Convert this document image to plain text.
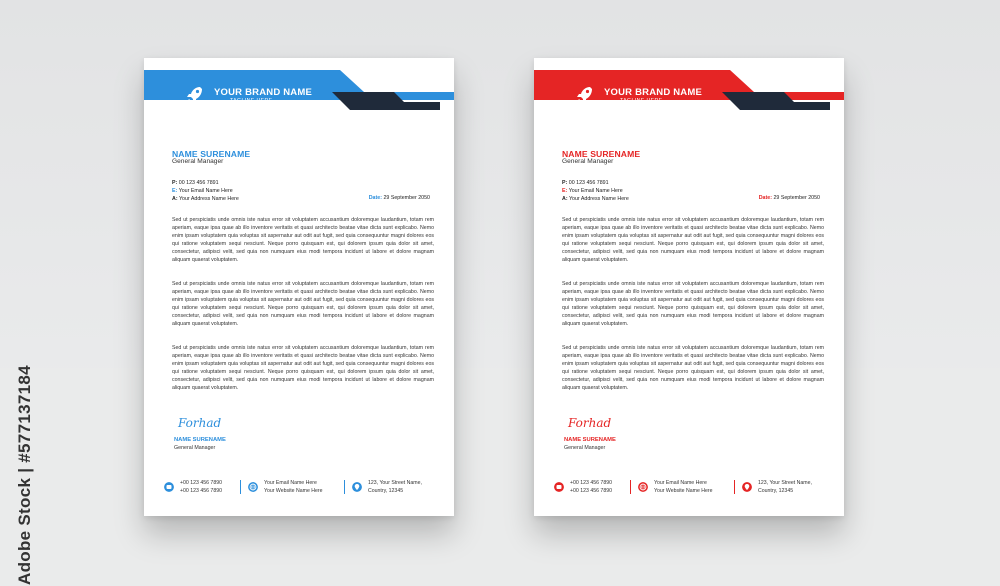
Adobe Stock | #577137184
YOUR BRAND NAME
TAGLINE HERE
NAME SURENAME
General Manager
P: 00 123 456 7891
E: Your Email Name Here
A: Your Address Name Here	Date: 29 September 2050
Sed ut perspiciatis unde omnis iste natus error sit voluptatem accusantium doloremque laudantium, totam rem aperiam, eaque ipsa quae ab illo inventore veritatis et quasi architecto beatae vitae dicta sunt explicabo. Nemo enim ipsam voluptatem quia voluptas sit aspernatur aut odit aut fugit, sed quia consequuntur magni dolores eos qui ratione voluptatem sequi nesciunt. Neque porro quisquam est, qui dolorem ipsum quia dolor sit amet, consectetur, adipisci velit, sed quia non numquam eius modi tempora incidunt ut labore et dolore magnam aliquam quaerat voluptatem.
Sed ut perspiciatis unde omnis iste natus error sit voluptatem accusantium doloremque laudantium, totam rem aperiam, eaque ipsa quae ab illo inventore veritatis et quasi architecto beatae vitae dicta sunt explicabo. Nemo enim ipsam voluptatem quia voluptas sit aspernatur aut odit aut fugit, sed quia consequuntur magni dolores eos qui ratione voluptatem sequi nesciunt. Neque porro quisquam est, qui dolorem ipsum quia dolor sit amet, consectetur, adipisci velit, sed quia non numquam eius modi tempora incidunt ut labore et dolore magnam aliquam quaerat voluptatem.
Sed ut perspiciatis unde omnis iste natus error sit voluptatem accusantium doloremque laudantium, totam rem aperiam, eaque ipsa quae ab illo inventore veritatis et quasi architecto beatae vitae dicta sunt explicabo. Nemo enim ipsam voluptatem quia voluptas sit aspernatur aut odit aut fugit, sed quia consequuntur magni dolores eos qui ratione voluptatem sequi nesciunt. Neque porro quisquam est, qui dolorem ipsum quia dolor sit amet, consectetur, adipisci velit, sed quia non numquam eius modi tempora incidunt ut labore et dolore magnam aliquam quaerat voluptatem.
Forhad
NAME SURENAME
General Manager
+00 123 456 7890
+00 123 456 7890
Your Email Name Here
Your Website Name Here
123, Your Street Name,
Country, 12345
YOUR BRAND NAME
TAGLINE HERE
NAME SURENAME
General Manager
P: 00 123 456 7891
E: Your Email Name Here
A: Your Address Name Here	Date: 29 September 2050
Sed ut perspiciatis unde omnis iste natus error sit voluptatem accusantium doloremque laudantium, totam rem aperiam, eaque ipsa quae ab illo inventore veritatis et quasi architecto beatae vitae dicta sunt explicabo. Nemo enim ipsam voluptatem quia voluptas sit aspernatur aut odit aut fugit, sed quia consequuntur magni dolores eos qui ratione voluptatem sequi nesciunt. Neque porro quisquam est, qui dolorem ipsum quia dolor sit amet, consectetur, adipisci velit, sed quia non numquam eius modi tempora incidunt ut labore et dolore magnam aliquam quaerat voluptatem.
Sed ut perspiciatis unde omnis iste natus error sit voluptatem accusantium doloremque laudantium, totam rem aperiam, eaque ipsa quae ab illo inventore veritatis et quasi architecto beatae vitae dicta sunt explicabo. Nemo enim ipsam voluptatem quia voluptas sit aspernatur aut odit aut fugit, sed quia consequuntur magni dolores eos qui ratione voluptatem sequi nesciunt. Neque porro quisquam est, qui dolorem ipsum quia dolor sit amet, consectetur, adipisci velit, sed quia non numquam eius modi tempora incidunt ut labore et dolore magnam aliquam quaerat voluptatem.
Sed ut perspiciatis unde omnis iste natus error sit voluptatem accusantium doloremque laudantium, totam rem aperiam, eaque ipsa quae ab illo inventore veritatis et quasi architecto beatae vitae dicta sunt explicabo. Nemo enim ipsam voluptatem quia voluptas sit aspernatur aut odit aut fugit, sed quia consequuntur magni dolores eos qui ratione voluptatem sequi nesciunt. Neque porro quisquam est, qui dolorem ipsum quia dolor sit amet, consectetur, adipisci velit, sed quia non numquam eius modi tempora incidunt ut labore et dolore magnam aliquam quaerat voluptatem.
Forhad
NAME SURENAME
General Manager
+00 123 456 7890
+00 123 456 7890
Your Email Name Here
Your Website Name Here
123, Your Street Name,
Country, 12345
